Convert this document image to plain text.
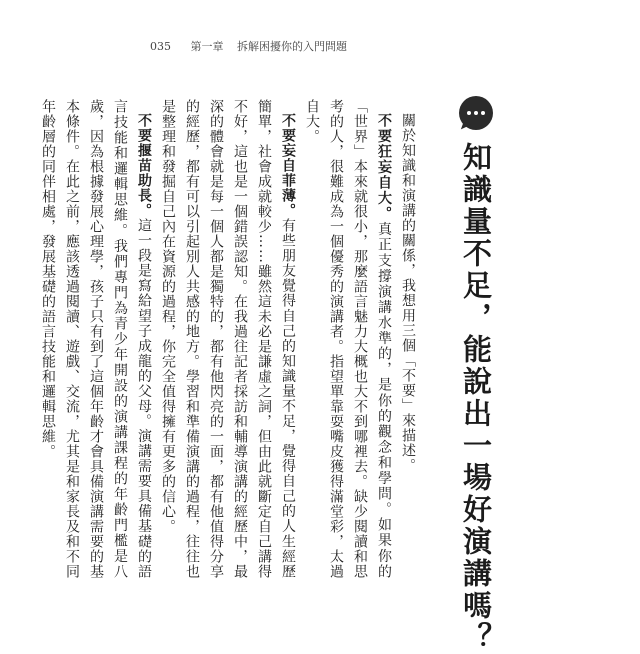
035 第一章 拆解困擾你的入門問題
知識量不足，能說出一場好演講嗎？

關於知識和演講的關係，我想用三個「不要」來描述。

不要狂妄自大。真正支撐演講水準的，是你的觀念和學問。如果你的「世界」本來就很小，那麼語言魅力大概也大不到哪裡去。缺少閱讀和思考的人，很難成為一個優秀的演講者。指望單靠耍嘴皮獲得滿堂彩，太過自大。

不要妄自菲薄。有些朋友覺得自己的知識量不足，覺得自己的人生經歷簡單，社會成就較少……雖然這未必是謙虛之詞，但由此就斷定自己講得不好，這也是一個錯誤認知。在我過往記者採訪和輔導演講的經歷中，最深的體會就是每一個人都是獨特的，都有他閃亮的一面，都有他值得分享的經歷，都有可以引起別人共感的地方。學習和準備演講的過程，往往也是整理和發掘自己內在資源的過程，你完全值得擁有更多的信心。

不要揠苗助長。這一段是寫給望子成龍的父母。演講需要具備基礎的語言技能和邏輯思維。我們專門為青少年開設的演講課程的年齡門檻是八歲，因為根據發展心理學，孩子只有到了這個年齡才會具備演講需要的基本條件。在此之前，應該透過閱讀、遊戲、交流，尤其是和家長及和不同年齡層的同伴相處，發展基礎的語言技能和邏輯思維。
